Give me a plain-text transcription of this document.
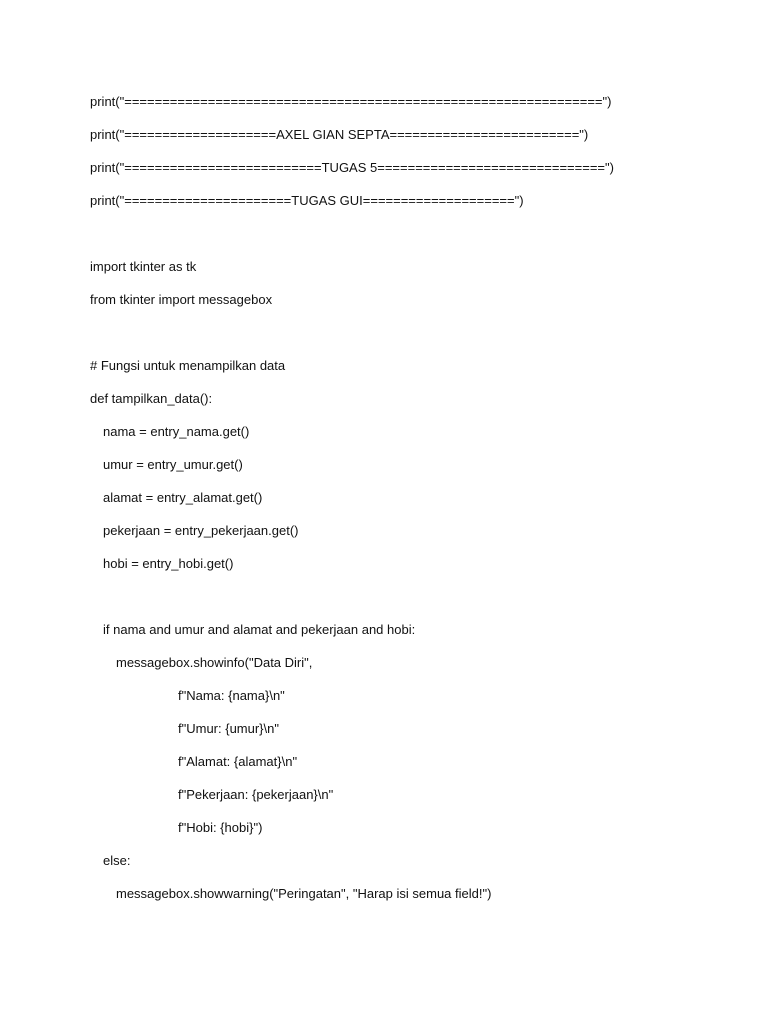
print("===============================================================")
print("====================AXEL GIAN SEPTA=========================")
print("==========================TUGAS 5==============================")
print("======================TUGAS GUI====================")
import tkinter as tk
from tkinter import messagebox
# Fungsi untuk menampilkan data
def tampilkan_data():
nama = entry_nama.get()
umur = entry_umur.get()
alamat = entry_alamat.get()
pekerjaan = entry_pekerjaan.get()
hobi = entry_hobi.get()
if nama and umur and alamat and pekerjaan and hobi:
messagebox.showinfo("Data Diri",
f"Nama: {nama}\n"
f"Umur: {umur}\n"
f"Alamat: {alamat}\n"
f"Pekerjaan: {pekerjaan}\n"
f"Hobi: {hobi}")
else:
messagebox.showwarning("Peringatan", "Harap isi semua field!")
